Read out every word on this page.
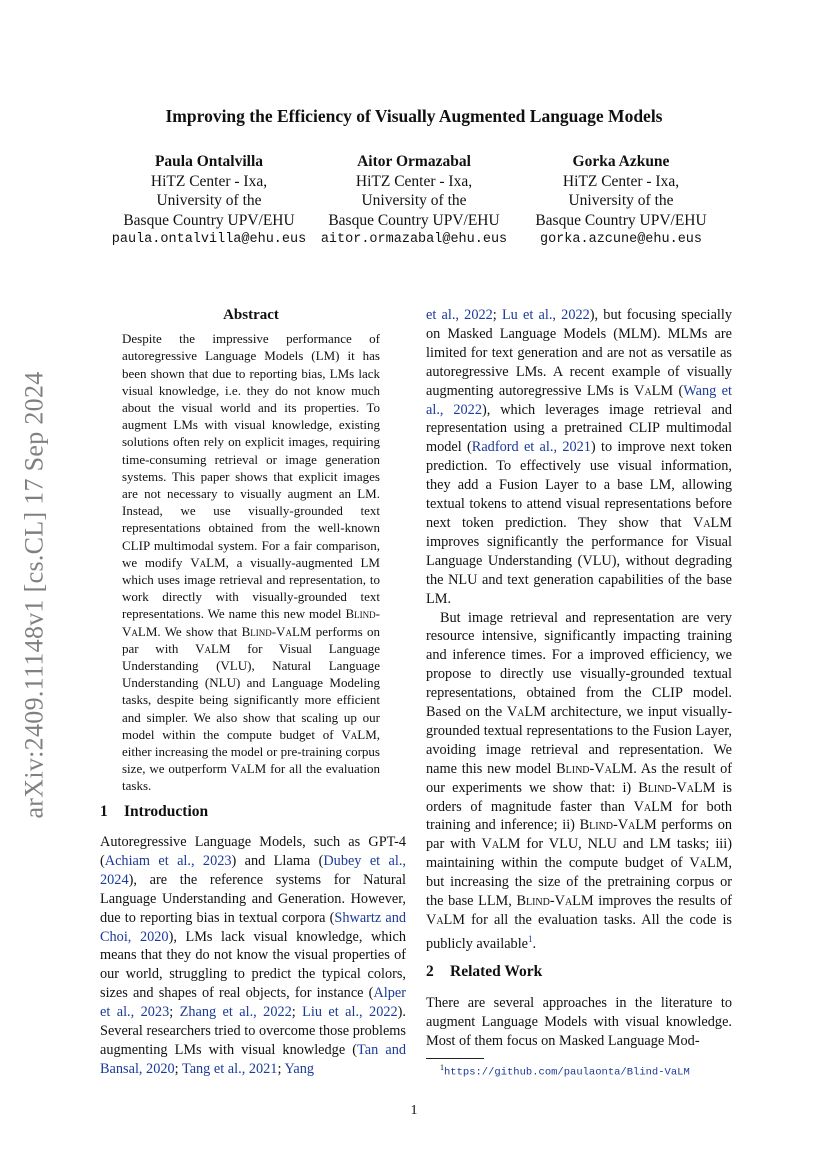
Improving the Efficiency of Visually Augmented Language Models
Paula Ontalvilla
HiTZ Center - Ixa,
University of the
Basque Country UPV/EHU
paula.ontalvilla@ehu.eus
Aitor Ormazabal
HiTZ Center - Ixa,
University of the
Basque Country UPV/EHU
aitor.ormazabal@ehu.eus
Gorka Azkune
HiTZ Center - Ixa,
University of the
Basque Country UPV/EHU
gorka.azcune@ehu.eus
arXiv:2409.11148v1 [cs.CL] 17 Sep 2024
Abstract

Despite the impressive performance of autoregressive Language Models (LM) it has been shown that due to reporting bias, LMs lack visual knowledge, i.e. they do not know much about the visual world and its properties. To augment LMs with visual knowledge, existing solutions often rely on explicit images, requiring time-consuming retrieval or image generation systems. This paper shows that explicit images are not necessary to visually augment an LM. Instead, we use visually-grounded text representations obtained from the well-known CLIP multimodal system. For a fair comparison, we modify VaLM, a visually-augmented LM which uses image retrieval and representation, to work directly with visually-grounded text representations. We name this new model Blind-VaLM. We show that Blind-VaLM performs on par with VaLM for Visual Language Understanding (VLU), Natural Language Understanding (NLU) and Language Modeling tasks, despite being significantly more efficient and simpler. We also show that scaling up our model within the compute budget of VaLM, either increasing the model or pre-training corpus size, we outperform VaLM for all the evaluation tasks.

1 Introduction

Autoregressive Language Models, such as GPT-4 (Achiam et al., 2023) and Llama (Dubey et al., 2024), are the reference systems for Natural Language Understanding and Generation. However, due to reporting bias in textual corpora (Shwartz and Choi, 2020), LMs lack visual knowledge, which means that they do not know the visual properties of our world, struggling to predict the typical colors, sizes and shapes of real objects, for instance (Alper et al., 2023; Zhang et al., 2022; Liu et al., 2022). Several researchers tried to overcome those problems augmenting LMs with visual knowledge (Tan and Bansal, 2020; Tang et al., 2021; Yang

et al., 2022; Lu et al., 2022), but focusing specially on Masked Language Models (MLM). MLMs are limited for text generation and are not as versatile as autoregressive LMs. A recent example of visually augmenting autoregressive LMs is VaLM (Wang et al., 2022), which leverages image retrieval and representation using a pretrained CLIP multimodal model (Radford et al., 2021) to improve next token prediction. To effectively use visual information, they add a Fusion Layer to a base LM, allowing textual tokens to attend visual representations before next token prediction. They show that VaLM improves significantly the performance for Visual Language Understanding (VLU), without degrading the NLU and text generation capabilities of the base LM.

But image retrieval and representation are very resource intensive, significantly impacting training and inference times. For a improved efficiency, we propose to directly use visually-grounded textual representations, obtained from the CLIP model. Based on the VaLM architecture, we input visually-grounded textual representations to the Fusion Layer, avoiding image retrieval and representation. We name this new model Blind-VaLM. As the result of our experiments we show that: i) Blind-VaLM is orders of magnitude faster than VaLM for both training and inference; ii) Blind-VaLM performs on par with VaLM for VLU, NLU and LM tasks; iii) maintaining within the compute budget of VaLM, but increasing the size of the pretraining corpus or the base LLM, Blind-VaLM improves the results of VaLM for all the evaluation tasks. All the code is publicly available$^1$.

2 Related Work

There are several approaches in the literature to augment Language Models with visual knowledge. Most of them focus on Masked Language Mod-

$^1$https://github.com/paulaonta/Blind-VaLM
1
